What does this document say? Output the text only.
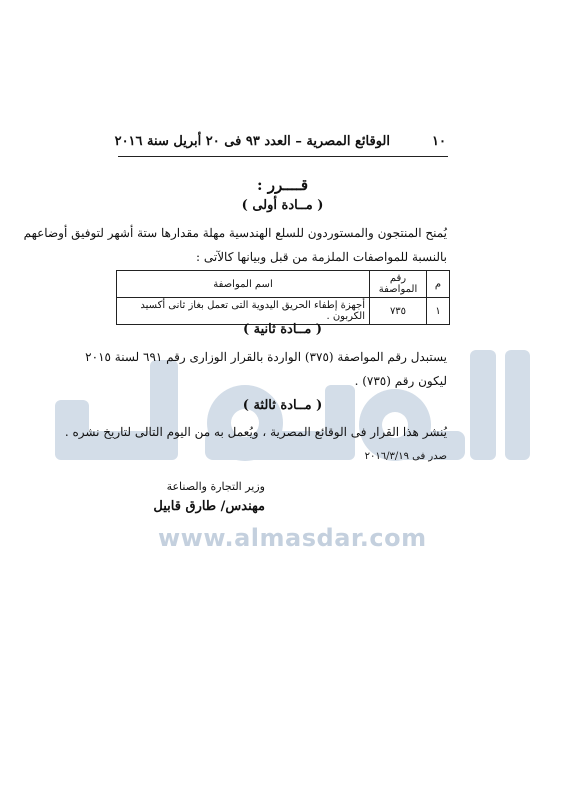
١٠
الوقائع المصرية – العدد ٩٣ فى ٢٠ أبريل سنة ٢٠١٦
قــــرر :
( مــادة أولى )
يُمنح المنتجون والمستوردون للسلع الهندسية مهلة مقدارها ستة أشهر لتوفيق أوضاعهم
بالنسبة للمواصفات الملزمة من قبل وبيانها كالآتى :
م	رقم المواصفة	اسم المواصفة
١	٧٣٥	أجهزة إطفاء الحريق اليدوية التى تعمل بغاز ثانى أكسيد الكربون .
( مــادة ثانية )
يستبدل رقم المواصفة (٣٧٥) الواردة بالقرار الوزارى رقم ٦٩١ لسنة ٢٠١٥
ليكون رقم (٧٣٥) .
( مــادة ثالثة )
يُنشر هذا القرار فى الوقائع المصرية ، ويُعمل به من اليوم التالى لتاريخ نشره .
صدر فى ٢٠١٦/٣/١٩
وزير التجارة والصناعة
مهندس/ طارق قابيل
www.almasdar.com
